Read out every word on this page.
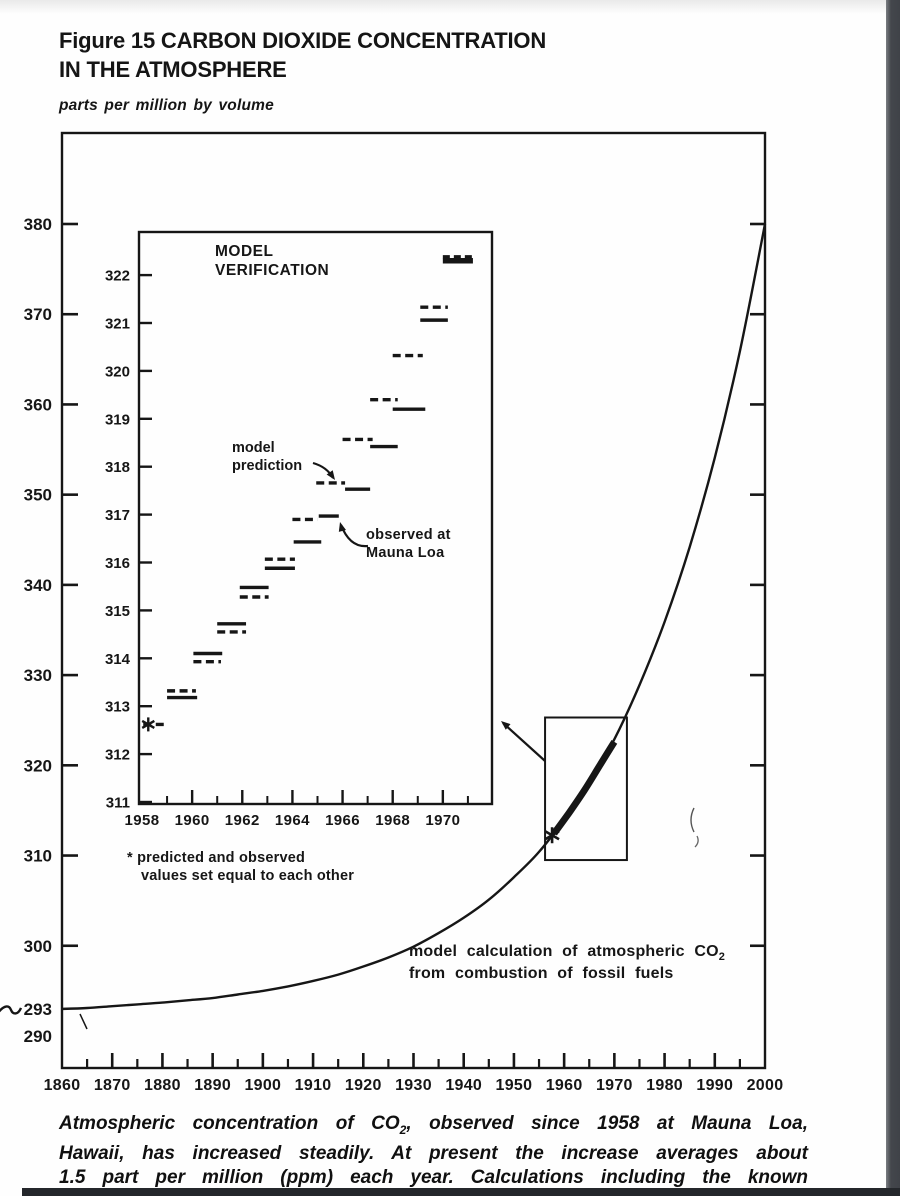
Figure 15 CARBON DIOXIDE CONCENTRATION
IN THE ATMOSPHERE
parts per million by volume
380
370
360
350
340
330
320
310
300
293
290
1860 1870 1880 1890 1900 1910 1920 1930 1940 1950 1960 1970 1980 1990 2000
model calculation of atmospheric $CO_2$
from combustion of fossil fuels
311
312
313
314
315
316
317
318
319
320
321
322
1958 1960 1962 1964 1966 1968 1970
MODEL
VERIFICATION
model
prediction
observed at
Mauna Loa
* predicted and observed
values set equal to each other
Atmospheric concentration of $CO_2$, observed since 1958 at Mauna Loa,
Hawaii, has increased steadily. At present the increase averages about
1.5 part per million (ppm) each year. Calculations including the known
